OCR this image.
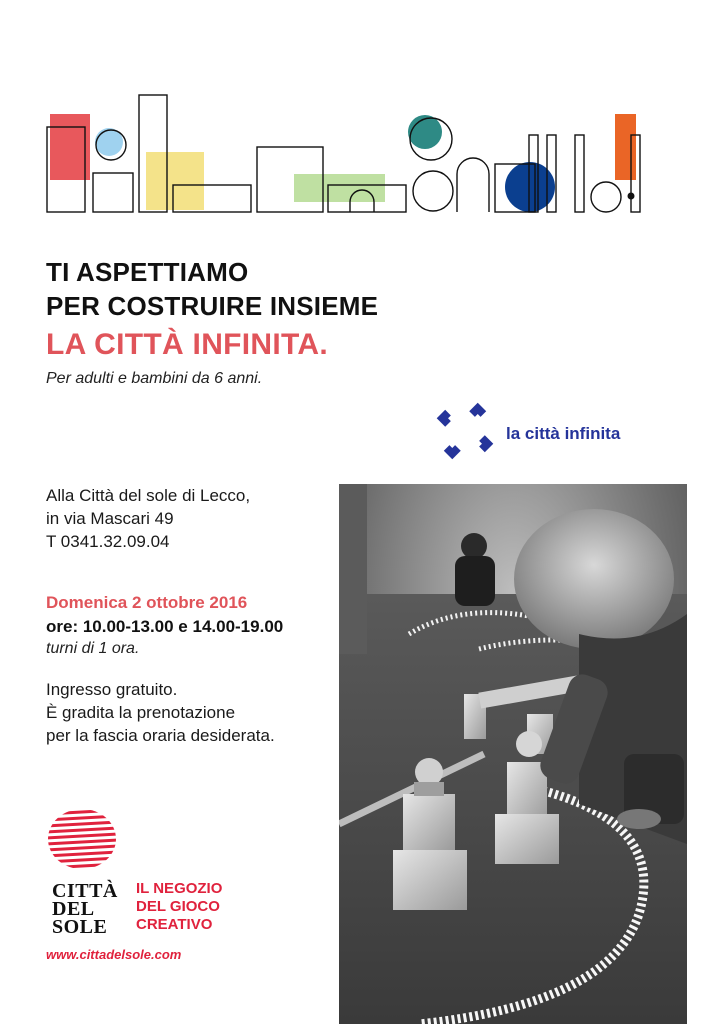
TI ASPETTIAMO
PER COSTRUIRE INSIEME
LA CITTÀ INFINITA.
Per adulti e bambini da 6 anni.
la città infinita
Alla Città del sole di Lecco,
in via Mascari 49
T 0341.32.09.04
Domenica 2 ottobre 2016
ore: 10.00-13.00 e 14.00-19.00
turni di 1 ora.
Ingresso gratuito.
È gradita la prenotazione
per la fascia oraria desiderata.
CITTÀ
DEL
SOLE
IL NEGOZIO
DEL GIOCO
CREATIVO
www.cittadelsole.com
